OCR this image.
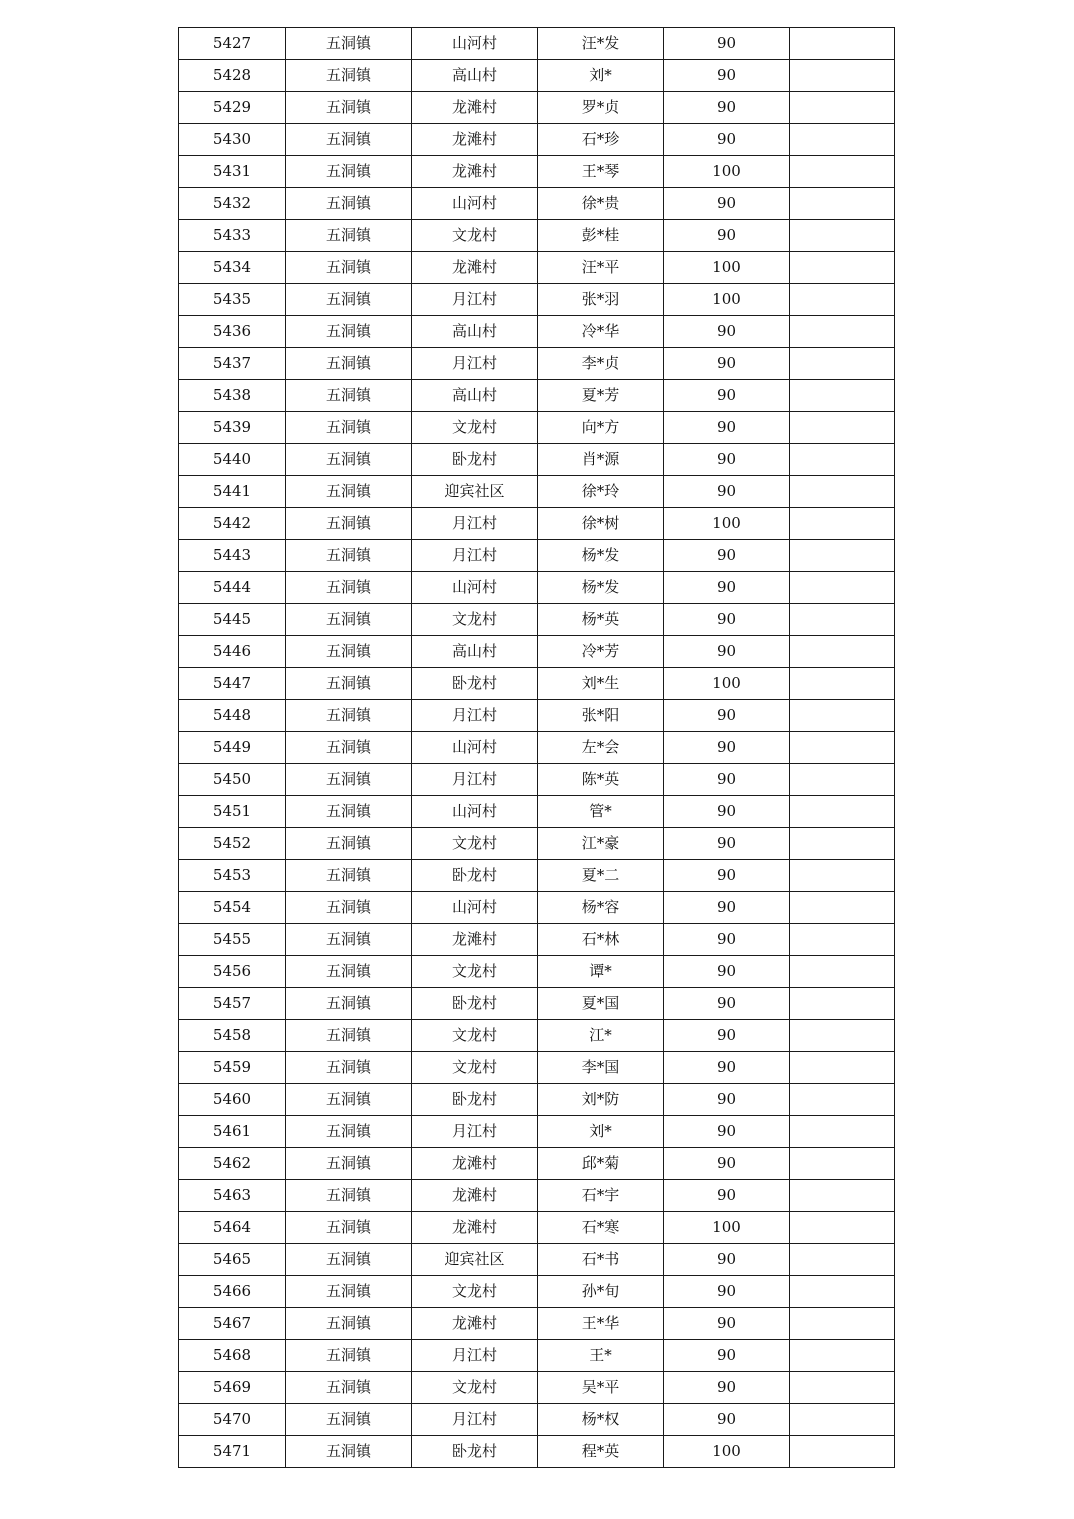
5427	五洞镇	山河村	汪*发	90	
5428	五洞镇	高山村	刘*	90	
5429	五洞镇	龙滩村	罗*贞	90	
5430	五洞镇	龙滩村	石*珍	90	
5431	五洞镇	龙滩村	王*琴	100	
5432	五洞镇	山河村	徐*贵	90	
5433	五洞镇	文龙村	彭*桂	90	
5434	五洞镇	龙滩村	汪*平	100	
5435	五洞镇	月江村	张*羽	100	
5436	五洞镇	高山村	冷*华	90	
5437	五洞镇	月江村	李*贞	90	
5438	五洞镇	高山村	夏*芳	90	
5439	五洞镇	文龙村	向*方	90	
5440	五洞镇	卧龙村	肖*源	90	
5441	五洞镇	迎宾社区	徐*玲	90	
5442	五洞镇	月江村	徐*树	100	
5443	五洞镇	月江村	杨*发	90	
5444	五洞镇	山河村	杨*发	90	
5445	五洞镇	文龙村	杨*英	90	
5446	五洞镇	高山村	冷*芳	90	
5447	五洞镇	卧龙村	刘*生	100	
5448	五洞镇	月江村	张*阳	90	
5449	五洞镇	山河村	左*会	90	
5450	五洞镇	月江村	陈*英	90	
5451	五洞镇	山河村	管*	90	
5452	五洞镇	文龙村	江*豪	90	
5453	五洞镇	卧龙村	夏*二	90	
5454	五洞镇	山河村	杨*容	90	
5455	五洞镇	龙滩村	石*林	90	
5456	五洞镇	文龙村	谭*	90	
5457	五洞镇	卧龙村	夏*国	90	
5458	五洞镇	文龙村	江*	90	
5459	五洞镇	文龙村	李*国	90	
5460	五洞镇	卧龙村	刘*防	90	
5461	五洞镇	月江村	刘*	90	
5462	五洞镇	龙滩村	邱*菊	90	
5463	五洞镇	龙滩村	石*宇	90	
5464	五洞镇	龙滩村	石*寒	100	
5465	五洞镇	迎宾社区	石*书	90	
5466	五洞镇	文龙村	孙*旬	90	
5467	五洞镇	龙滩村	王*华	90	
5468	五洞镇	月江村	王*	90	
5469	五洞镇	文龙村	吴*平	90	
5470	五洞镇	月江村	杨*权	90	
5471	五洞镇	卧龙村	程*英	100	
